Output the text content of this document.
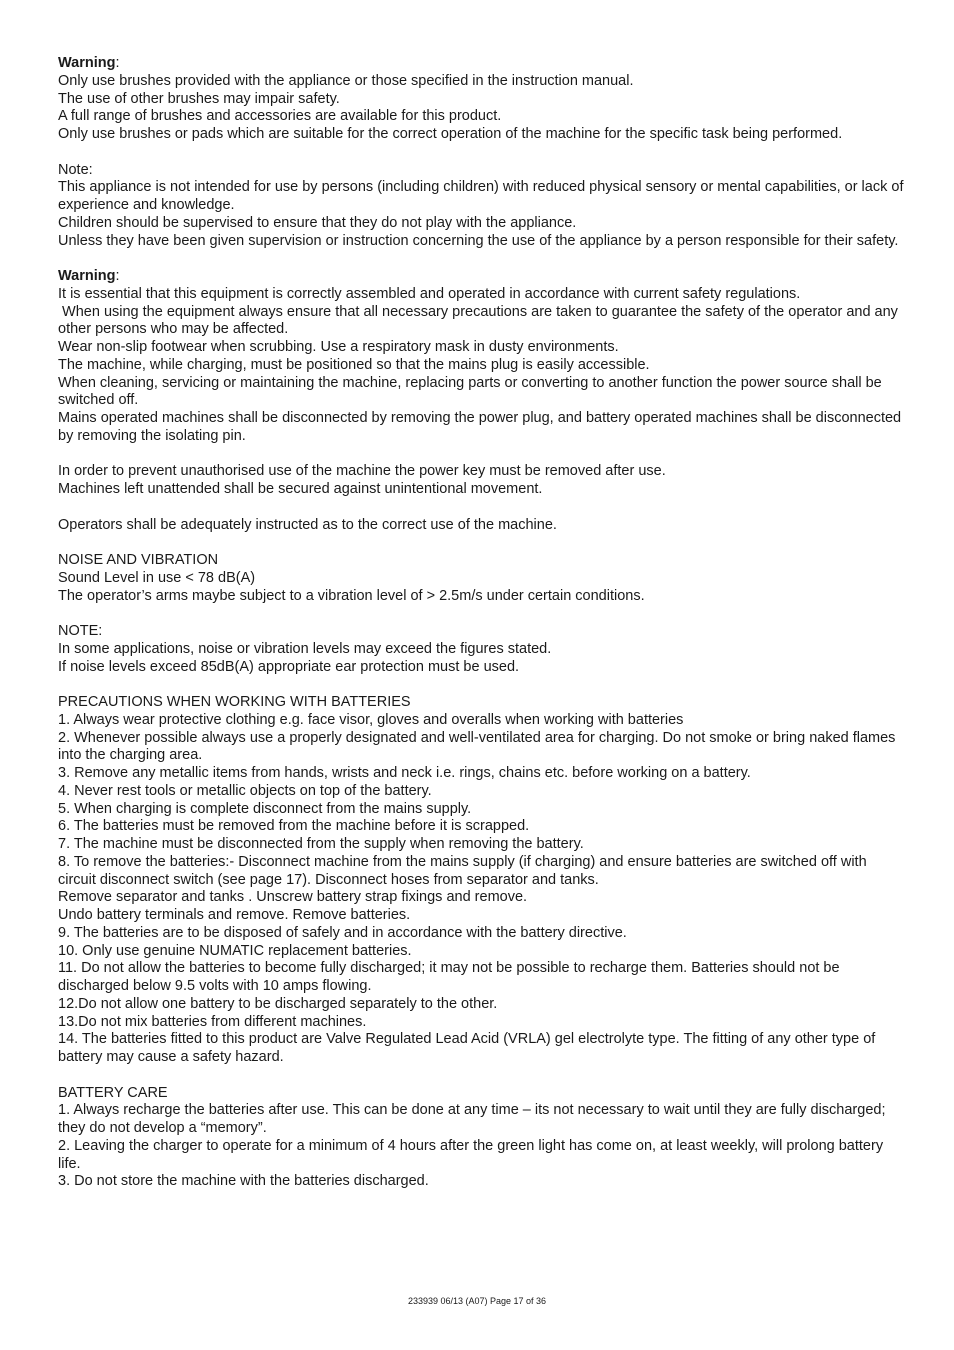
Warning:

Only use brushes provided with the appliance or those specified in the instruction manual.

The use of other brushes may impair safety.

A full range of brushes and accessories are available for this product.

Only use brushes or pads which are suitable for the correct operation of the machine for the specific task being performed.

Note:

This appliance is not intended for use by persons (including children) with reduced physical sensory or mental capabilities, or lack of experience and knowledge.

Children should be supervised to ensure that they do not play with the appliance.

Unless they have been given supervision or instruction concerning the use of the appliance by a person responsible for their safety.

Warning:

It is essential that this equipment is correctly assembled and operated in accordance with current safety regulations.

When using the equipment always ensure that all necessary precautions are taken to guarantee the safety of the operator and any other persons who may be affected.

Wear non-slip footwear when scrubbing. Use a respiratory mask in dusty environments.

The machine, while charging, must be positioned so that the mains plug is easily accessible.

When cleaning, servicing or maintaining the machine, replacing parts or converting to another function the power source shall be switched off.

Mains operated machines shall be disconnected by removing the power plug, and battery operated machines shall be disconnected by removing the isolating pin.

In order to prevent unauthorised use of the machine the power key must be removed after use.

Machines left unattended shall be secured against unintentional movement.

Operators shall be adequately instructed as to the correct use of the machine.

NOISE AND VIBRATION

Sound Level in use < 78 dB(A)

The operator’s arms maybe subject to a vibration level of > 2.5m/s under certain conditions.

NOTE:

In some applications, noise or vibration levels may exceed the figures stated.

If noise levels exceed 85dB(A) appropriate ear protection must be used.

PRECAUTIONS WHEN WORKING WITH BATTERIES

1. Always wear protective clothing e.g. face visor, gloves and overalls when working with batteries

2. Whenever possible always use a properly designated and well-ventilated area for charging. Do not smoke or bring naked flames into the charging area.

3. Remove any metallic items from hands, wrists and neck i.e. rings, chains etc. before working on a battery.

4. Never rest tools or metallic objects on top of the battery.

5. When charging is complete disconnect from the mains supply.

6. The batteries must be removed from the machine before it is scrapped.

7. The machine must be disconnected from the supply when removing the battery.

8. To remove the batteries:- Disconnect machine from the mains supply (if charging) and ensure batteries are switched off with circuit disconnect switch (see page 17). Disconnect hoses from separator and tanks.

Remove separator and tanks . Unscrew battery strap fixings and remove.

Undo battery terminals and remove. Remove batteries.

9. The batteries are to be disposed of safely and in accordance with the battery directive.

10. Only use genuine NUMATIC replacement batteries.

11. Do not allow the batteries to become fully discharged; it may not be possible to recharge them. Batteries should not be discharged below 9.5 volts with 10 amps flowing.

12.Do not allow one battery to be discharged separately to the other.

13.Do not mix batteries from different machines.

14. The batteries fitted to this product are Valve Regulated Lead Acid (VRLA) gel electrolyte type. The fitting of any other type of battery may cause a safety hazard.

BATTERY CARE

1. Always recharge the batteries after use. This can be done at any time – its not necessary to wait until they are fully discharged; they do not develop a “memory”.

2. Leaving the charger to operate for a minimum of 4 hours after the green light has come on, at least weekly, will prolong battery life.

3. Do not store the machine with the batteries discharged.

233939 06/13 (A07) Page 17 of 36
